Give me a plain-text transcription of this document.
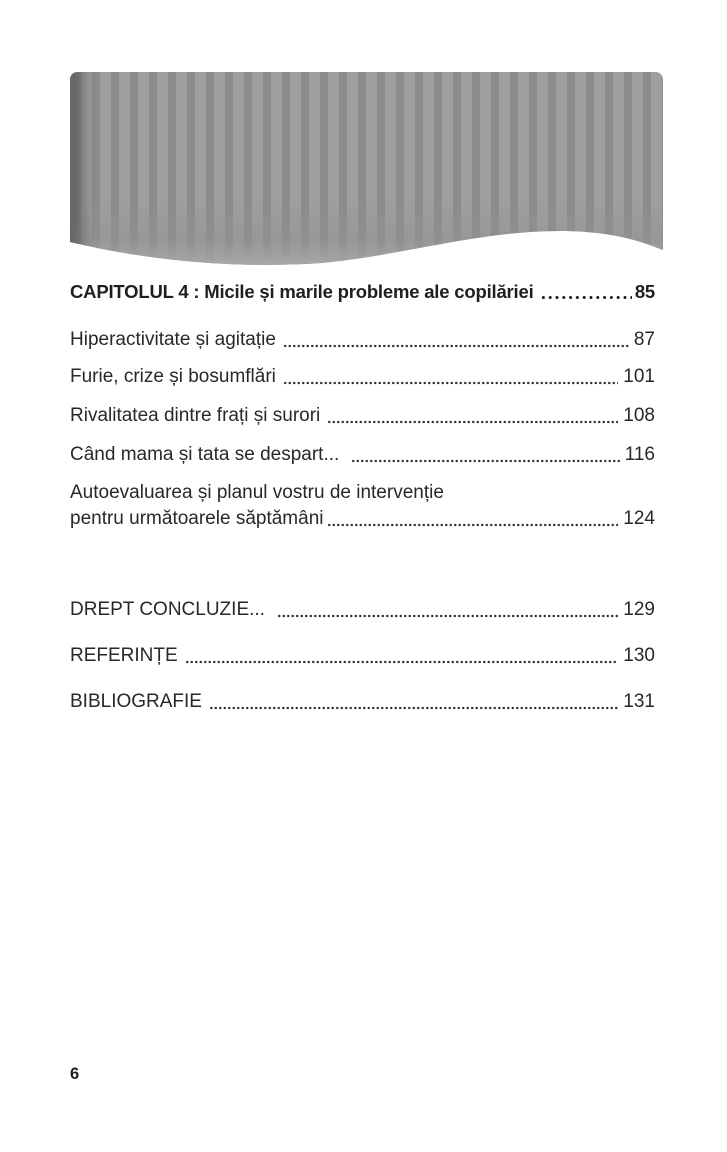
CAPITOLUL 4 : Micile și marile probleme ale copilăriei	85
Hiperactivitate și agitație	87
Furie, crize și bosumflări	101
Rivalitatea dintre frați și surori	108
Când mama și tata se despart...	116
Autoevaluarea și planul vostru de intervenție
pentru următoarele săptămâni	124
DREPT CONCLUZIE...	129
REFERINȚE	130
BIBLIOGRAFIE	131
6
